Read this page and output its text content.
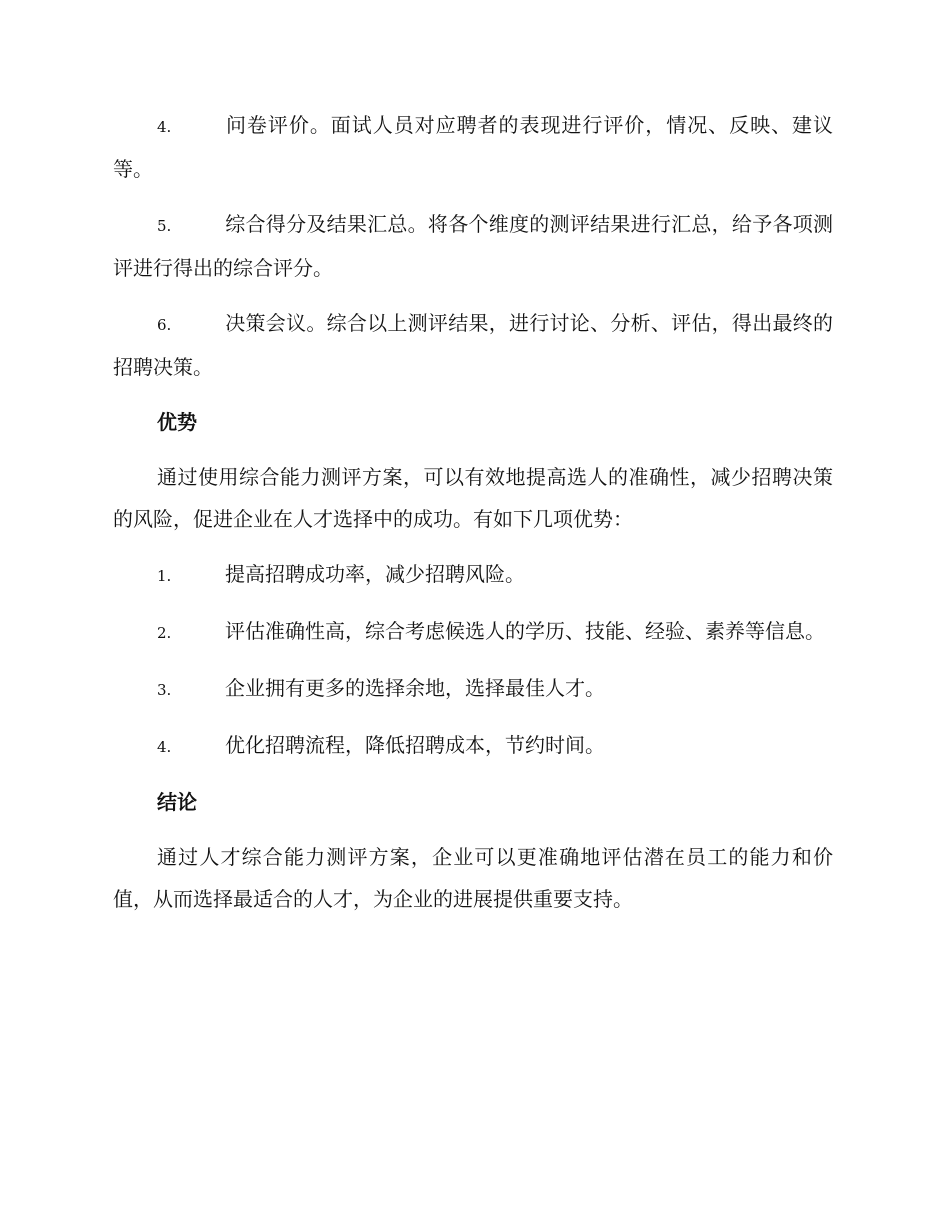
4.	问卷评价。面试人员对应聘者的表现进行评价，情况、反映、建议等。
5.	综合得分及结果汇总。将各个维度的测评结果进行汇总，给予各项测评进行得出的综合评分。
6.	决策会议。综合以上测评结果，进行讨论、分析、评估，得出最终的招聘决策。
优势
通过使用综合能力测评方案，可以有效地提高选人的准确性，减少招聘决策的风险，促进企业在人才选择中的成功。有如下几项优势：
1.	提高招聘成功率，减少招聘风险。
2.	评估准确性高，综合考虑候选人的学历、技能、经验、素养等信息。
3.	企业拥有更多的选择余地，选择最佳人才。
4.	优化招聘流程，降低招聘成本，节约时间。
结论
通过人才综合能力测评方案，企业可以更准确地评估潜在员工的能力和价值，从而选择最适合的人才，为企业的进展提供重要支持。
